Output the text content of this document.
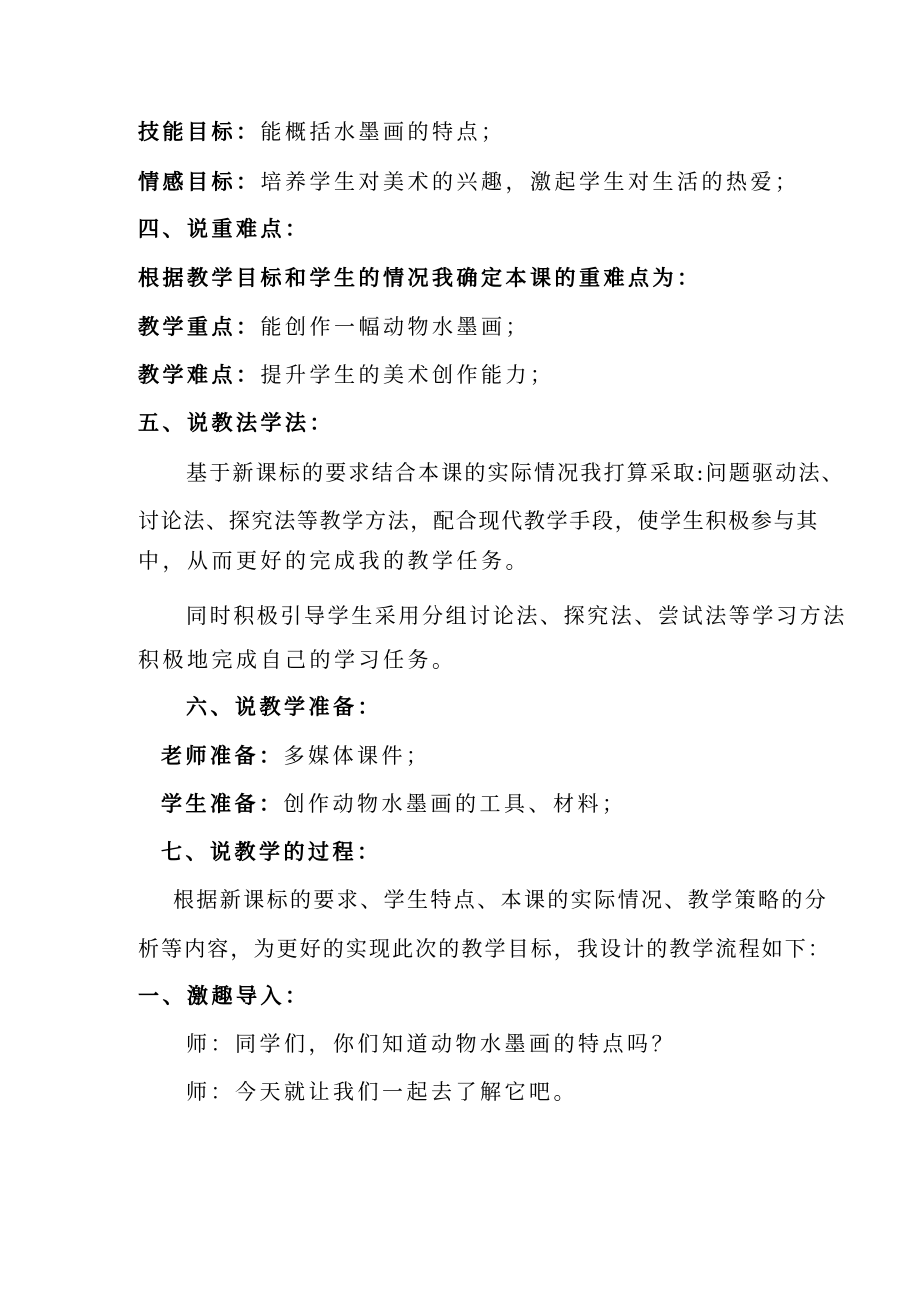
技能目标：能概括水墨画的特点；
情感目标：培养学生对美术的兴趣，激起学生对生活的热爱；
四、说重难点：
根据教学目标和学生的情况我确定本课的重难点为：
教学重点：能创作一幅动物水墨画；
教学难点：提升学生的美术创作能力；
五、说教法学法：
基于新课标的要求结合本课的实际情况我打算采取:问题驱动法、
讨论法、探究法等教学方法，配合现代教学手段，使学生积极参与其
中，从而更好的完成我的教学任务。
同时积极引导学生采用分组讨论法、探究法、尝试法等学习方法
积极地完成自己的学习任务。
六、说教学准备：
老师准备：多媒体课件；
学生准备：创作动物水墨画的工具、材料；
七、说教学的过程：
根据新课标的要求、学生特点、本课的实际情况、教学策略的分
析等内容，为更好的实现此次的教学目标，我设计的教学流程如下：
一、激趣导入：
师：同学们，你们知道动物水墨画的特点吗？
师：今天就让我们一起去了解它吧。
